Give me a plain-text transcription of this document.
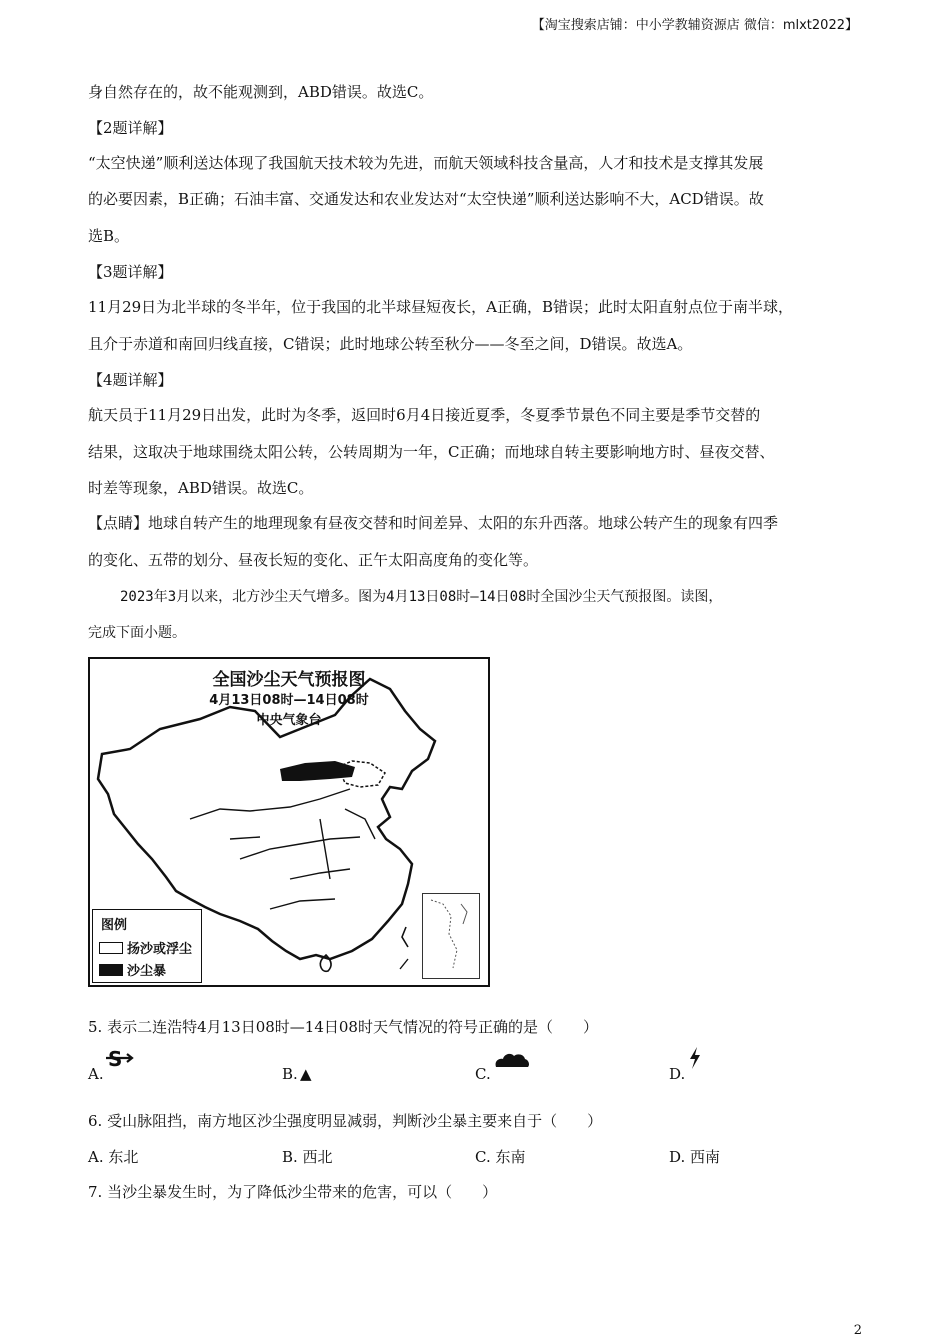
【淘宝搜索店铺：中小学教辅资源店 微信：mlxt2022】
身自然存在的，故不能观测到，ABD错误。故选C。
【2题详解】
“太空快递”顺利送达体现了我国航天技术较为先进，而航天领域科技含量高，人才和技术是支撑其发展
的必要因素，B正确；石油丰富、交通发达和农业发达对“太空快递”顺利送达影响不大，ACD错误。故
选B。
【3题详解】
11月29日为北半球的冬半年，位于我国的北半球昼短夜长，A正确，B错误；此时太阳直射点位于南半球，
且介于赤道和南回归线直接，C错误；此时地球公转至秋分——冬至之间，D错误。故选A。
【4题详解】
航天员于11月29日出发，此时为冬季，返回时6月4日接近夏季，冬夏季节景色不同主要是季节交替的
结果，这取决于地球围绕太阳公转，公转周期为一年，C正确；而地球自转主要影响地方时、昼夜交替、
时差等现象，ABD错误。故选C。
【点睛】地球自转产生的地理现象有昼夜交替和时间差异、太阳的东升西落。地球公转产生的现象有四季
的变化、五带的划分、昼夜长短的变化、正午太阳高度角的变化等。
2023年3月以来，北方沙尘天气增多。图为4月13日08时—14日08时全国沙尘天气预报图。读图，
完成下面小题。
全国沙尘天气预报图
4月13日08时—14日08时
中央气象台
图例
扬沙或浮尘
沙尘暴
5. 表示二连浩特4月13日08时—14日08时天气情况的符号正确的是（　　）
A.
S
B. ▲	C.	D.
6. 受山脉阻挡，南方地区沙尘强度明显减弱，判断沙尘暴主要来自于（　　）
A. 东北	B. 西北	C. 东南	D. 西南
7. 当沙尘暴发生时，为了降低沙尘带来的危害，可以（　　）
2
